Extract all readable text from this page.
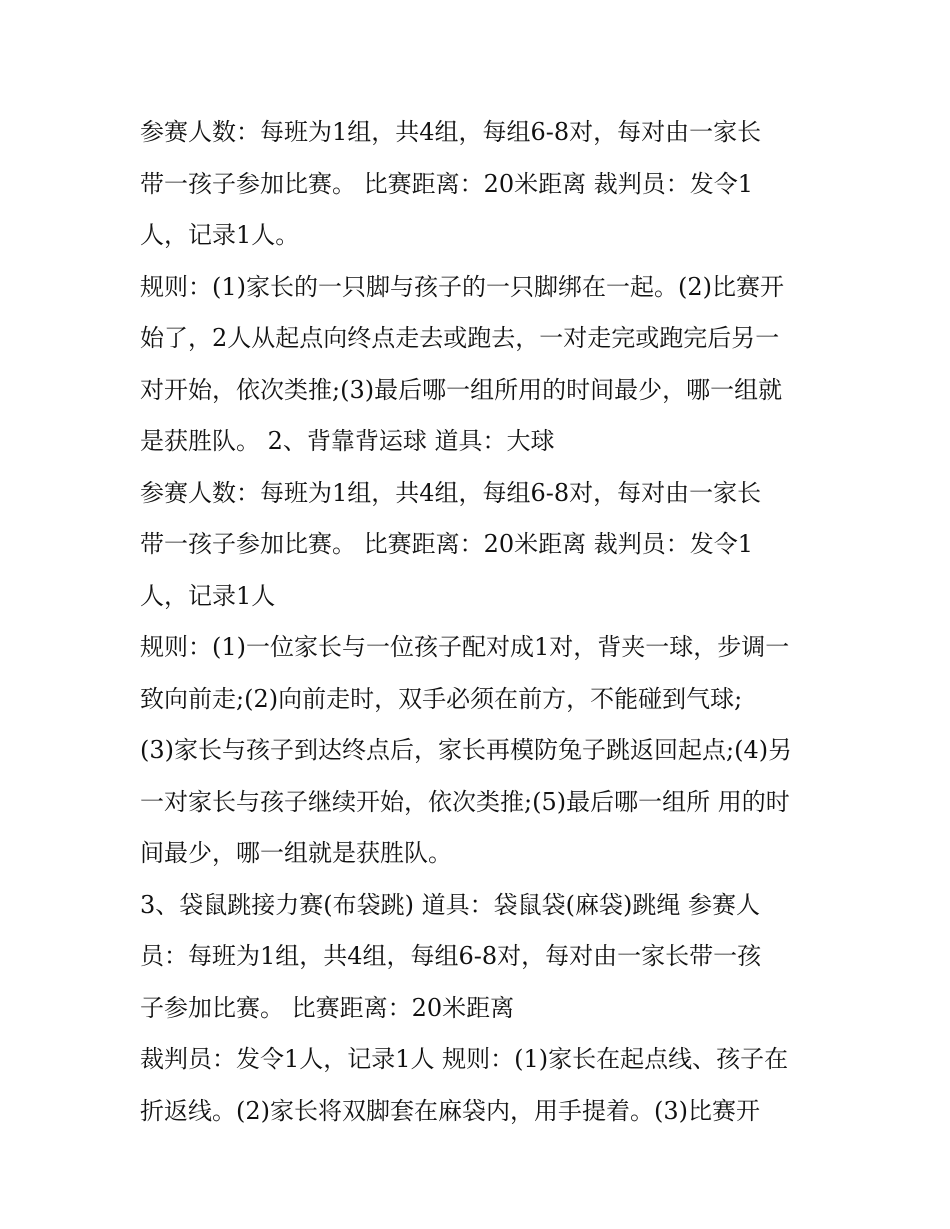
参赛人数：每班为1组，共4组，每组6-8对，每对由一家长
带一孩子参加比赛。 比赛距离：20米距离 裁判员：发令1
人，记录1人。
规则：(1)家长的一只脚与孩子的一只脚绑在一起。(2)比赛开
始了，2人从起点向终点走去或跑去，一对走完或跑完后另一
对开始，依次类推;(3)最后哪一组所用的时间最少，哪一组就
是获胜队。 2、背靠背运球 道具：大球
参赛人数：每班为1组，共4组，每组6-8对，每对由一家长
带一孩子参加比赛。 比赛距离：20米距离 裁判员：发令1
人，记录1人
规则：(1)一位家长与一位孩子配对成1对，背夹一球，步调一
致向前走;(2)向前走时，双手必须在前方，不能碰到气球;
(3)家长与孩子到达终点后，家长再模防兔子跳返回起点;(4)另
一对家长与孩子继续开始，依次类推;(5)最后哪一组所 用的时
间最少，哪一组就是获胜队。
3、袋鼠跳接力赛(布袋跳) 道具：袋鼠袋(麻袋)跳绳 参赛人
员：每班为1组，共4组，每组6-8对，每对由一家长带一孩
子参加比赛。 比赛距离：20米距离
裁判员：发令1人，记录1人 规则：(1)家长在起点线、孩子在
折返线。(2)家长将双脚套在麻袋内，用手提着。(3)比赛开
